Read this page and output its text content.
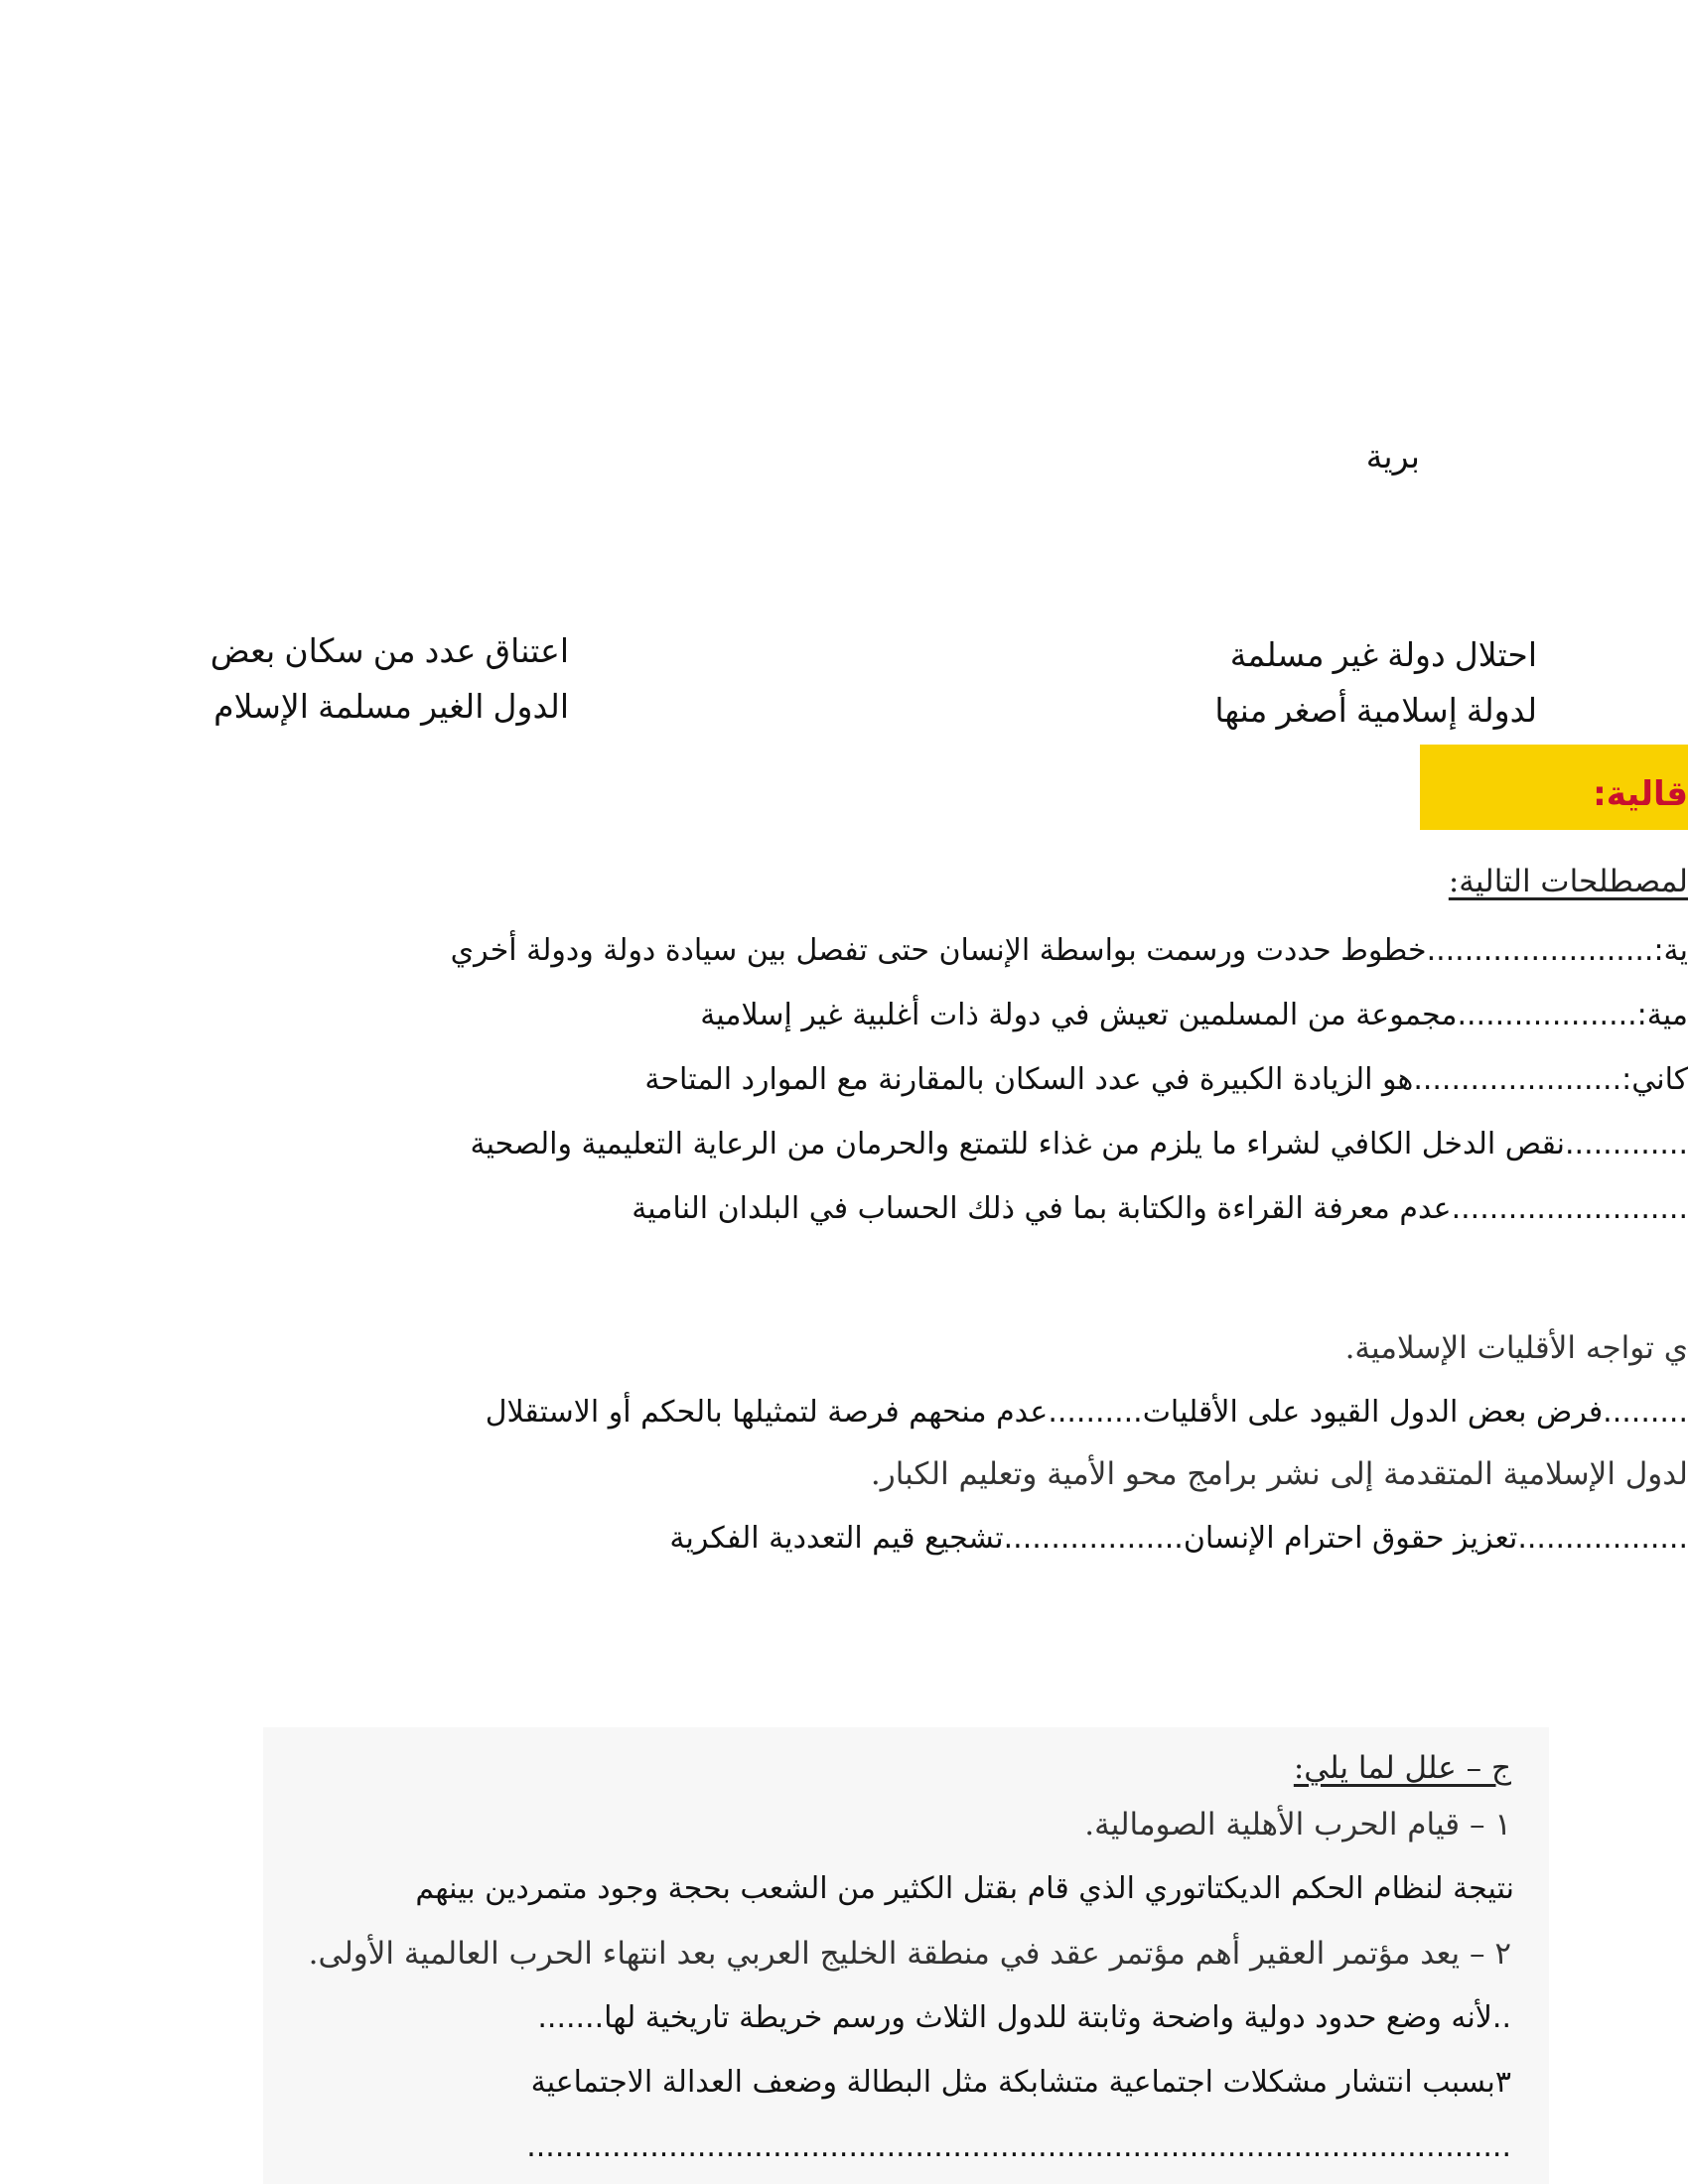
برية
احتلال دولة غير مسلمة
لدولة إسلامية أصغر منها
اعتناق عدد من سكان بعض
الدول الغير مسلمة الإسلام
قالية:
لمصطلحات التالية:
ية:........................خطوط حددت ورسمت بواسطة الإنسان حتى تفصل بين سيادة دولة ودولة أخري
مية:...................مجموعة من المسلمين تعيش في دولة ذات أغلبية غير إسلامية
كاني:......................هو الزيادة الكبيرة في عدد السكان بالمقارنة مع الموارد المتاحة
.............نقص الدخل الكافي لشراء ما يلزم من غذاء للتمتع والحرمان من الرعاية التعليمية والصحية
.........................عدم معرفة القراءة والكتابة بما في ذلك الحساب في البلدان النامية
ي تواجه الأقليات الإسلامية.
.........فرض بعض الدول القيود على الأقليات..........عدم منحهم فرصة لتمثيلها بالحكم أو الاستقلال
لدول الإسلامية المتقدمة إلى نشر برامج محو الأمية وتعليم الكبار.
..................تعزيز حقوق احترام الإنسان...................تشجيع قيم التعددية الفكرية
ج – علل لما يلي:
١ – قيام الحرب الأهلية الصومالية.
نتيجة لنظام الحكم الديكتاتوري الذي قام بقتل الكثير من الشعب بحجة وجود متمردين بينهم
٢ – يعد مؤتمر العقير أهم مؤتمر عقد في منطقة الخليج العربي بعد انتهاء الحرب العالمية الأولى.
..لأنه وضع حدود دولية واضحة وثابتة للدول الثلاث ورسم خريطة تاريخية لها.......
٣بسبب انتشار مشكلات اجتماعية متشابكة مثل البطالة وضعف العدالة الاجتماعية
........................................................................................................
